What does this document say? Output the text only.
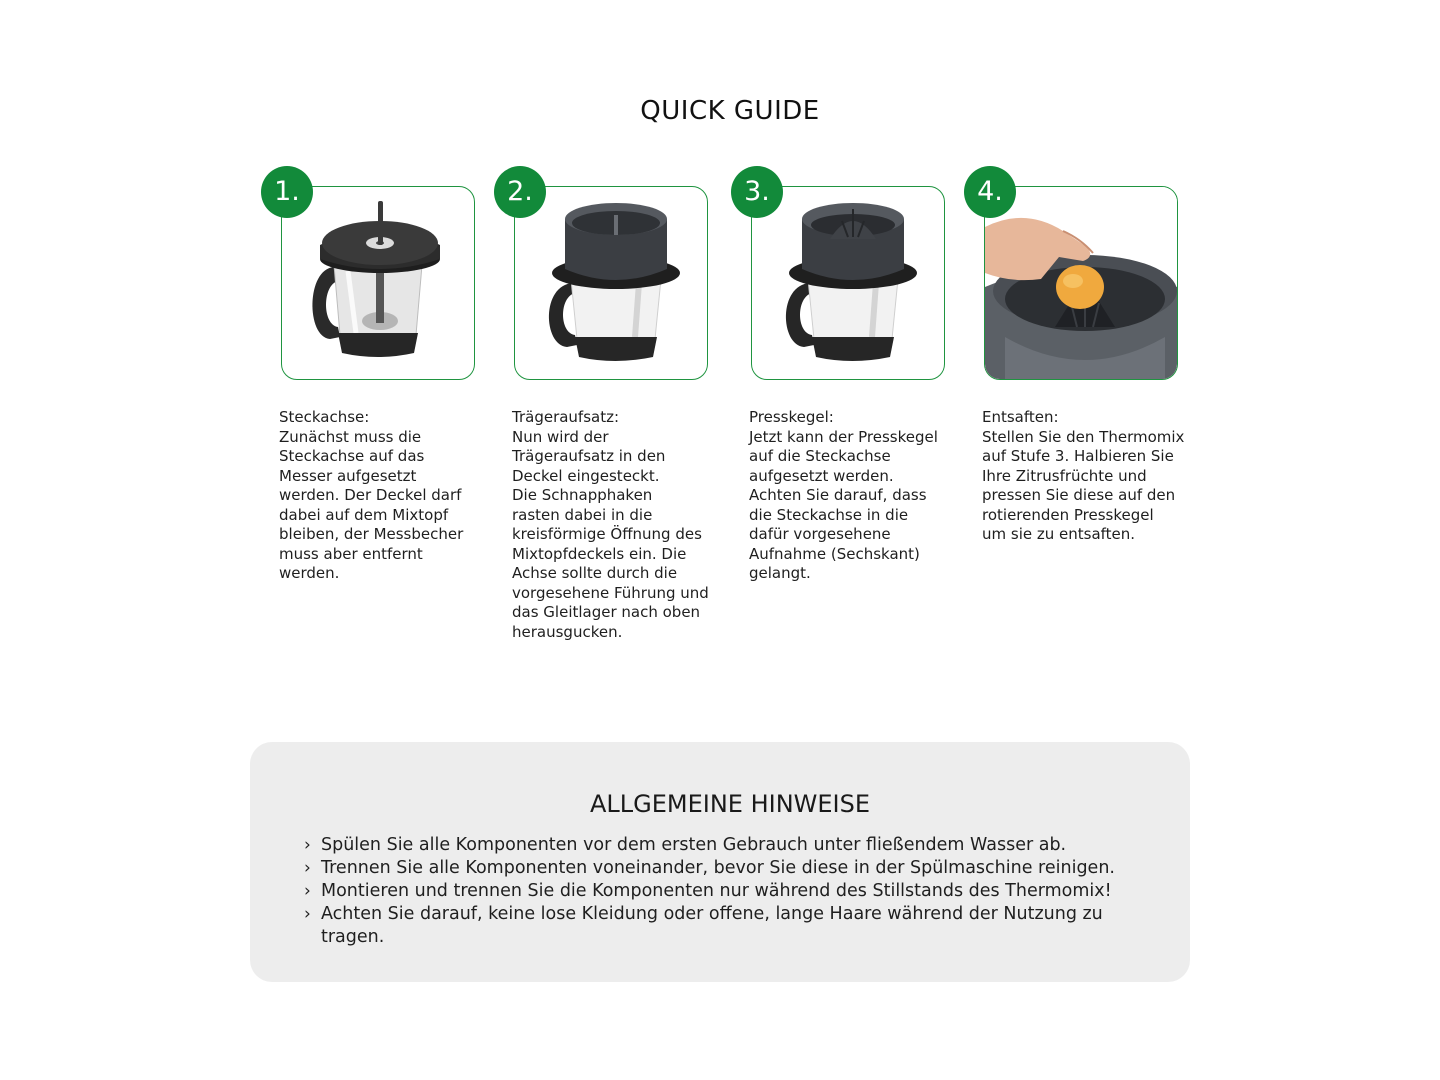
QUICK GUIDE
1.
Steckachse:
Zunächst muss die
Steckachse auf das
Messer aufgesetzt
werden. Der Deckel darf
dabei auf dem Mixtopf
bleiben, der Messbecher
muss aber entfernt
werden.
2.
Trägeraufsatz:
Nun wird der
Trägeraufsatz in den
Deckel eingesteckt.
Die Schnapphaken
rasten dabei in die
kreisförmige Öffnung des
Mixtopfdeckels ein. Die
Achse sollte durch die
vorgesehene Führung und
das Gleitlager nach oben
herausgucken.
3.
Presskegel:
Jetzt kann der Presskegel
auf die Steckachse
aufgesetzt werden.
Achten Sie darauf, dass
die Steckachse in die
dafür vorgesehene
Aufnahme (Sechskant)
gelangt.
4.
Entsaften:
Stellen Sie den Thermomix
auf Stufe 3. Halbieren Sie
Ihre Zitrusfrüchte und
pressen Sie diese auf den
rotierenden Presskegel
um sie zu entsaften.
ALLGEMEINE HINWEISE
› Spülen Sie alle Komponenten vor dem ersten Gebrauch unter fließendem Wasser ab.
› Trennen Sie alle Komponenten voneinander, bevor Sie diese in der Spülmaschine reinigen.
› Montieren und trennen Sie die Komponenten nur während des Stillstands des Thermomix!
› Achten Sie darauf, keine lose Kleidung oder offene, lange Haare während der Nutzung zu tragen.
